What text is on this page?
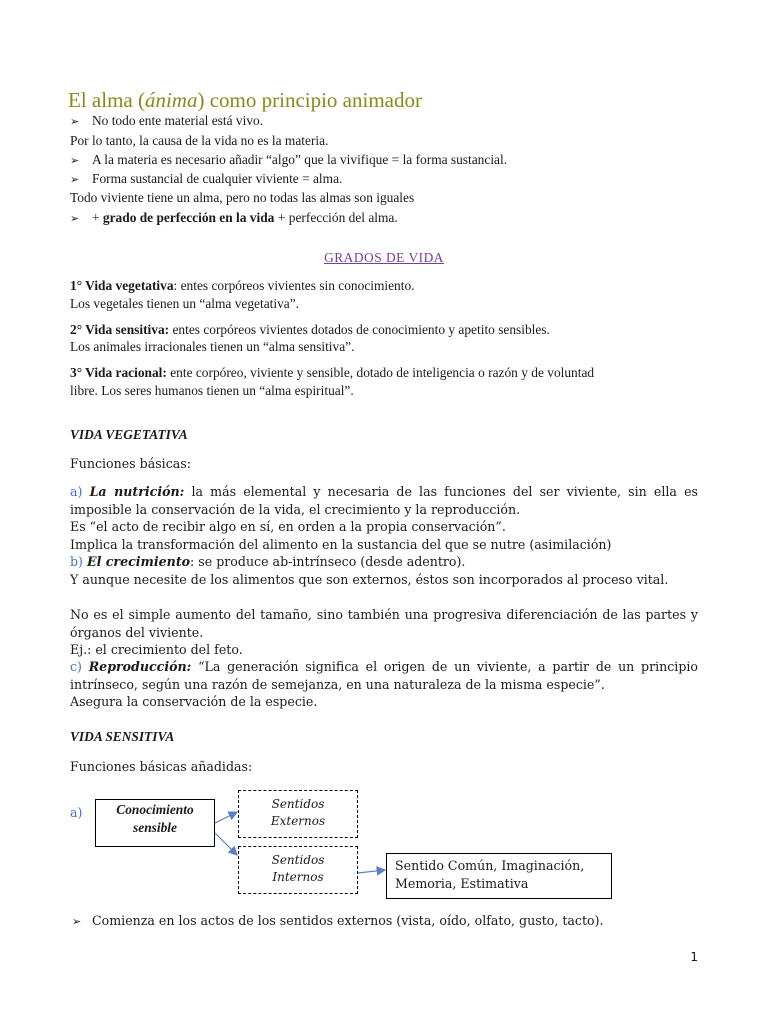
El alma (ánima) como principio animador
➢ No todo ente material está vivo.
Por lo tanto, la causa de la vida no es la materia.
➢ A la materia es necesario añadir “algo” que la vivifique = la forma sustancial.
➢ Forma sustancial de cualquier viviente = alma.
Todo viviente tiene un alma, pero no todas las almas son iguales
➢ + grado de perfección en la vida + perfección del alma.
GRADOS DE VIDA
1° Vida vegetativa: entes corpóreos vivientes sin conocimiento.
Los vegetales tienen un “alma vegetativa”.
2° Vida sensitiva: entes corpóreos vivientes dotados de conocimiento y apetito sensibles.
Los animales irracionales tienen un “alma sensitiva”.
3° Vida racional: ente corpóreo, viviente y sensible, dotado de inteligencia o razón y de voluntad
libre. Los seres humanos tienen un “alma espiritual”.
VIDA VEGETATIVA
Funciones básicas:
a) La nutrición: la más elemental y necesaria de las funciones del ser viviente, sin ella es imposible la conservación de la vida, el crecimiento y la reproducción.
Es “el acto de recibir algo en sí, en orden a la propia conservación”.
Implica la transformación del alimento en la sustancia del que se nutre (asimilación)
b) El crecimiento: se produce ab-intrínseco (desde adentro).
Y aunque necesite de los alimentos que son externos, éstos son incorporados al proceso vital.
No es el simple aumento del tamaño, sino también una progresiva diferenciación de las partes y órganos del viviente.
Ej.: el crecimiento del feto.
c) Reproducción: “La generación significa el origen de un viviente, a partir de un principio intrínseco, según una razón de semejanza, en una naturaleza de la misma especie”.
Asegura la conservación de la especie.
VIDA SENSITIVA
Funciones básicas añadidas:
a)	Conocimiento sensible
Sentidos
Externos
Sentidos
Internos
Sentido Común, Imaginación,
Memoria, Estimativa
➢ Comienza en los actos de los sentidos externos (vista, oído, olfato, gusto, tacto).
1
